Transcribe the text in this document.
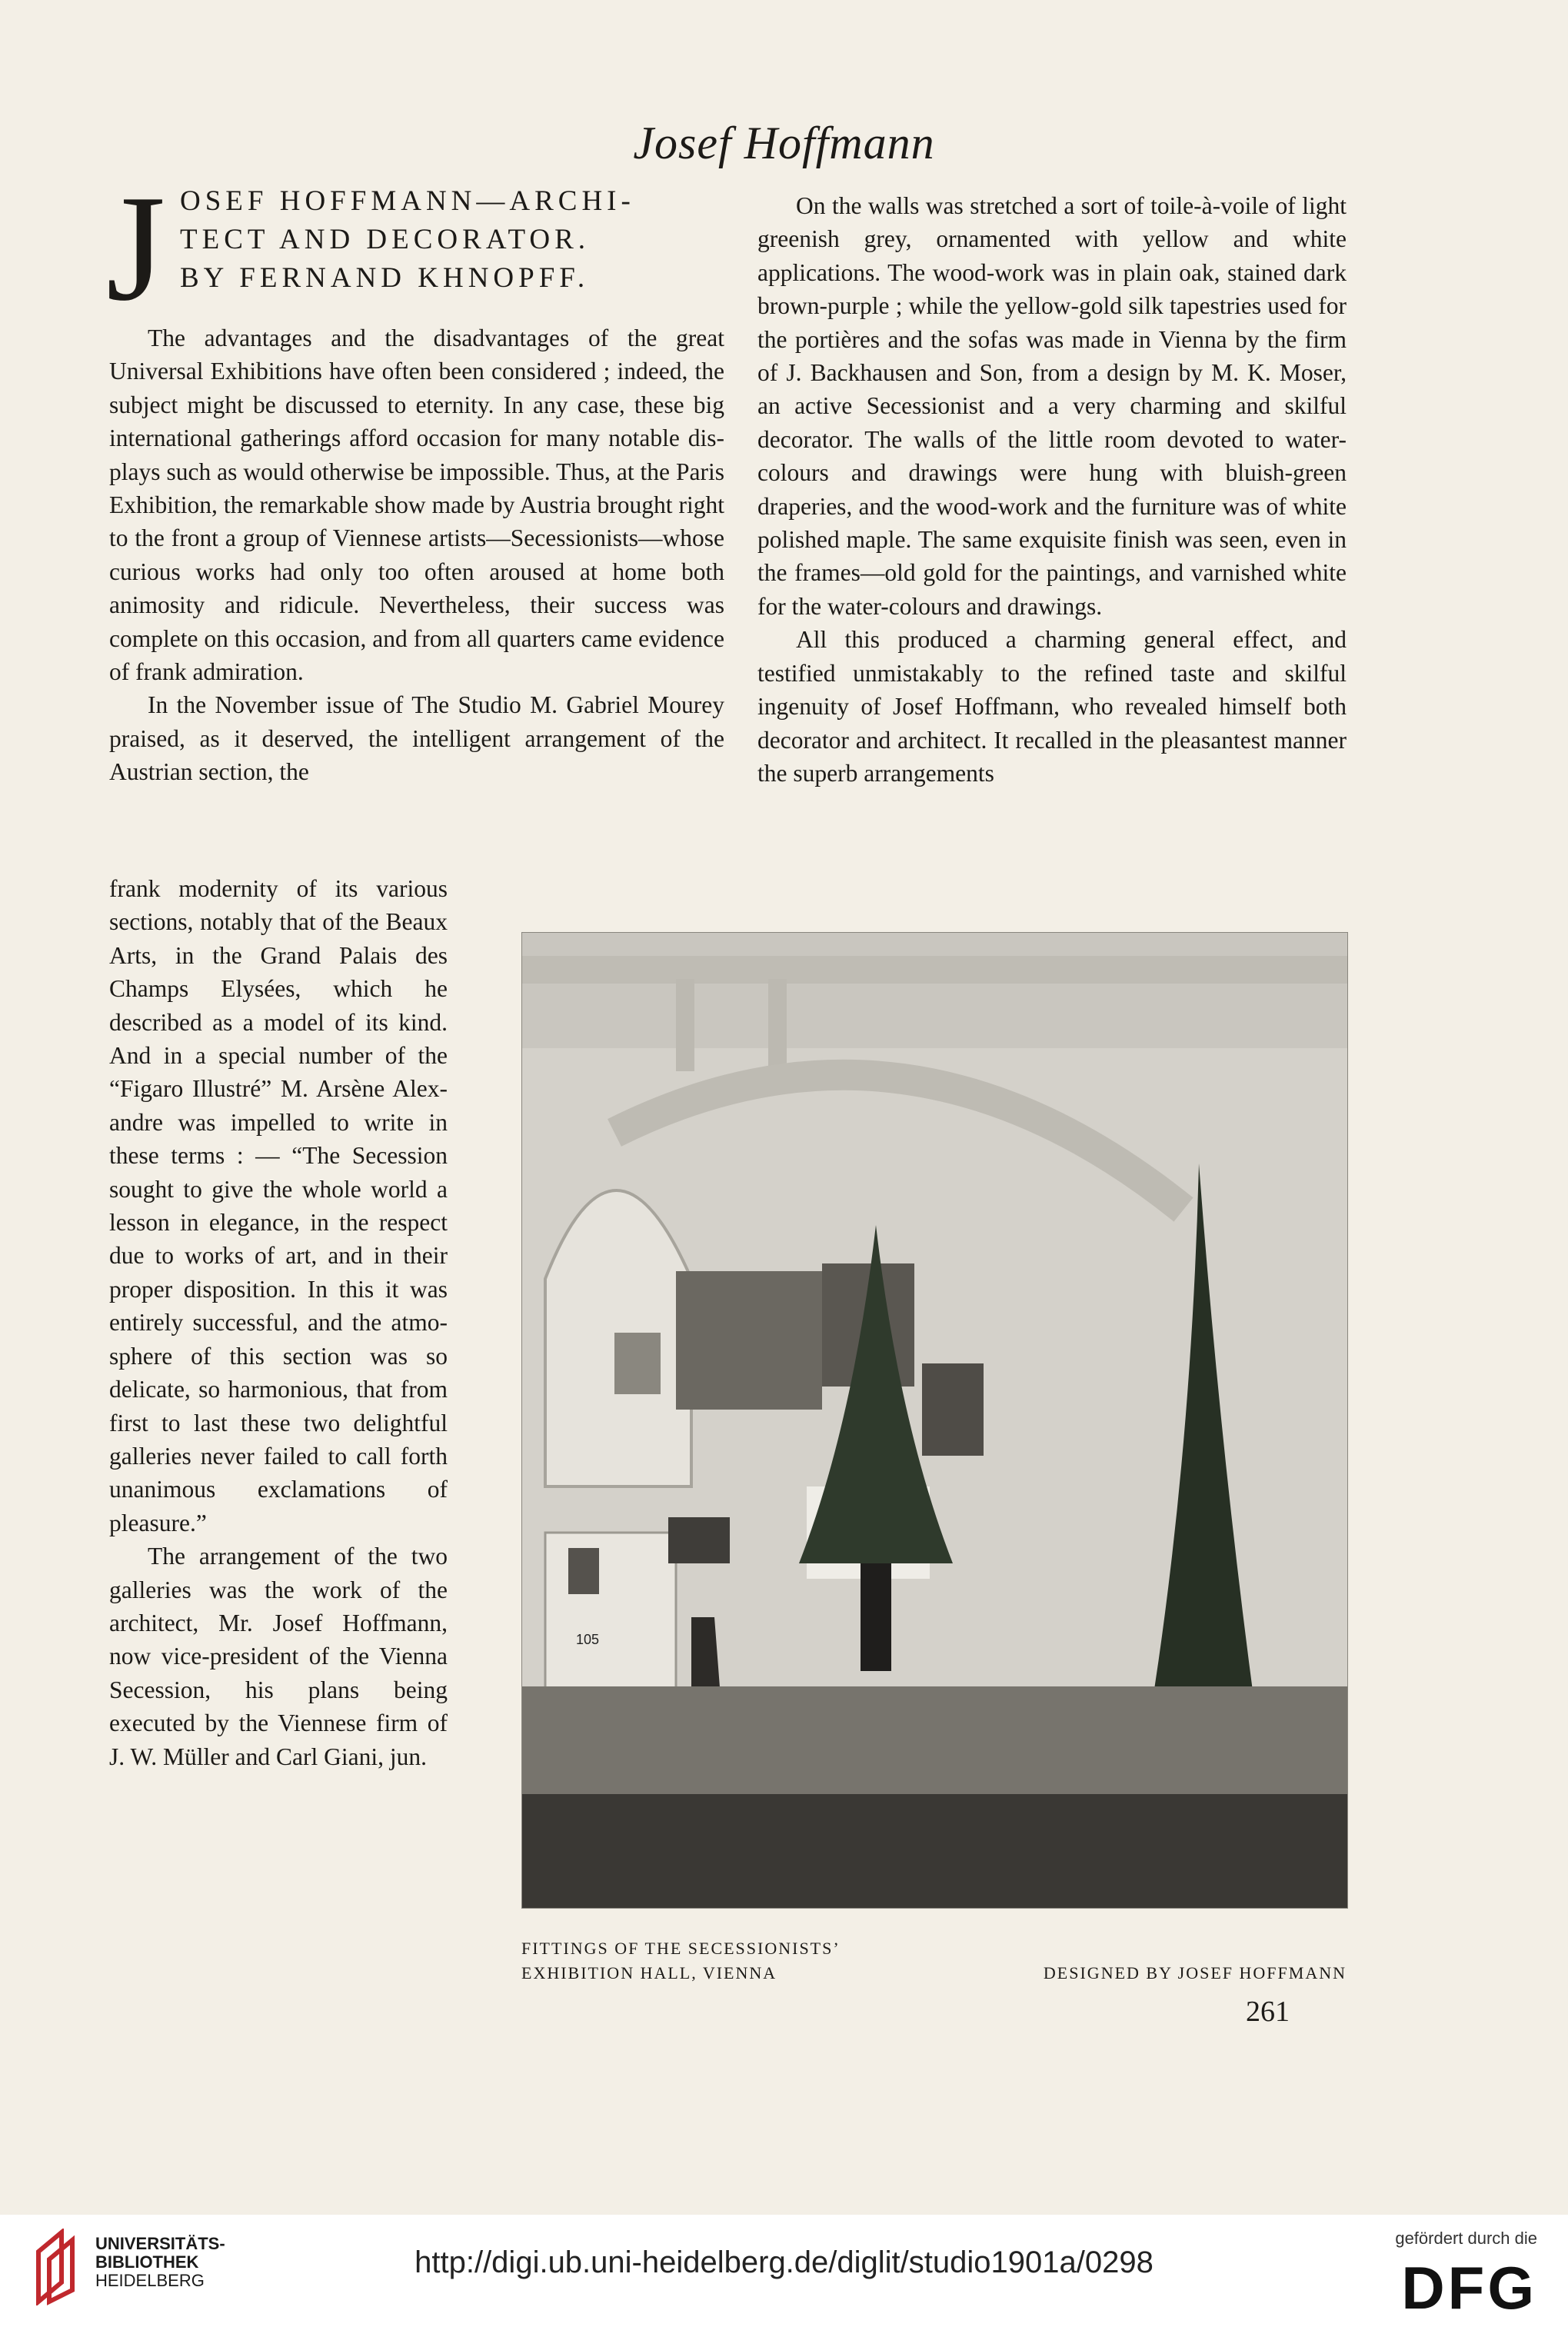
Josef Hoffmann
J OSEF HOFFMANN—ARCHI-
TECT AND DECORATOR.
BY FERNAND KHNOPFF.

The advantages and the disadvantages of the great Universal Exhibitions have often been considered ; indeed, the subject might be discussed to eternity. In any case, these big international gatherings afford occasion for many notable displays such as would otherwise be impossible. Thus, at the Paris Exhibition, the remarkable show made by Austria brought right to the front a group of Viennese artists—Secessionists—whose curious works had only too often aroused at home both animosity and ridicule. Nevertheless, their success was complete on this occasion, and from all quarters came evidence of frank admiration.

In the November issue of The Studio M. Gabriel Mourey praised, as it deserved, the intelligent arrangement of the Austrian section, the

frank modernity of its various sections, notably that of the Beaux Arts, in the Grand Palais des Champs Elysées, which he described as a model of its kind. And in a special number of the “Figaro Illustré” M. Arsène Alexandre was impelled to write in these terms : — “The Secession sought to give the whole world a lesson in elegance, in the respect due to works of art, and in their proper disposition. In this it was entirely successful, and the atmosphere of this section was so delicate, so harmonious, that from first to last these two delightful galleries never failed to call forth unanimous exclamations of pleasure.”

The arrangement of the two galleries was the work of the architect, Mr. Josef Hoffmann, now vice-president of the Vienna Secession, his plans being executed by the Viennese firm of J. W. Müller and Carl Giani, jun.

On the walls was stretched a sort of toile-à-voile of light greenish grey, ornamented with yellow and white applications. The wood-work was in plain oak, stained dark brown-purple ; while the yellow-gold silk tapestries used for the portières and the sofas was made in Vienna by the firm of J. Backhausen and Son, from a design by M. K. Moser, an active Secessionist and a very charming and skilful decorator. The walls of the little room devoted to water-colours and drawings were hung with bluish-green draperies, and the wood-work and the furniture was of white polished maple. The same exquisite finish was seen, even in the frames—old gold for the paintings, and varnished white for the water-colours and drawings.

All this produced a charming general effect, and testified unmistakably to the refined taste and skilful ingenuity of Josef Hoffmann, who revealed himself both decorator and architect. It recalled in the pleasantest manner the superb arrangements

105
FITTINGS OF THE SECESSIONISTS’
EXHIBITION HALL, VIENNA	DESIGNED BY JOSEF HOFFMANN
261
UNIVERSITÄTS-
BIBLIOTHEK
HEIDELBERG
http://digi.ub.uni-heidelberg.de/diglit/studio1901a/0298
gefördert durch die
DFG
